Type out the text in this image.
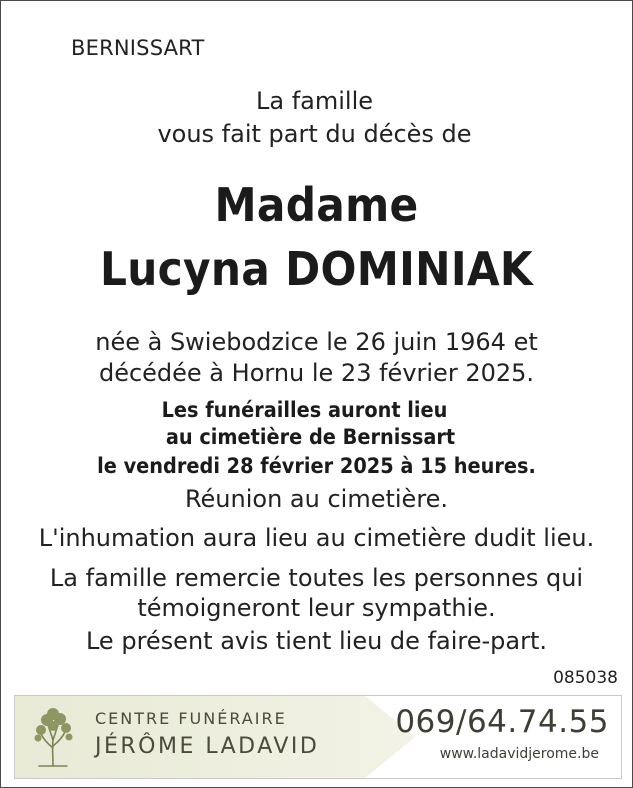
BERNISSART
La famille
vous fait part du décès de
Madame
Lucyna DOMINIAK
née à Swiebodzice le 26 juin 1964 et
décédée à Hornu le 23 février 2025.
Les funérailles auront lieu
au cimetière de Bernissart
le vendredi 28 février 2025 à 15 heures.
Réunion au cimetière.
L'inhumation aura lieu au cimetière dudit lieu.
La famille remercie toutes les personnes qui
témoigneront leur sympathie.
Le présent avis tient lieu de faire-part.
085038
CENTRE FUNÉRAIRE
JÉRÔME LADAVID
069/64.74.55
www.ladavidjerome.be
